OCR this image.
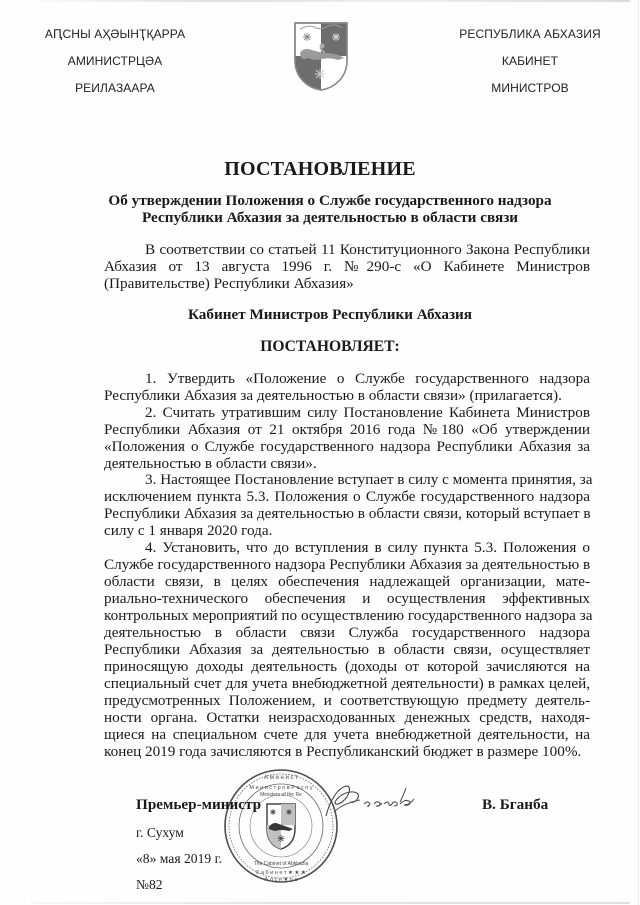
АԤСНЫ АҲӘЫНҬҚАРРА
АМИНИСТРЦӘА
РЕИЛАЗААРА
РЕСПУБЛИКА АБХАЗИЯ
КАБИНЕТ
МИНИСТРОВ
ПОСТАНОВЛЕНИЕ
Об утверждении Положения о Службе государственного надзора
Республики Абхазия за деятельностью в области связи
В соответствии со статьей 11 Конституционного Закона Республики
Абхазия от 13 августа 1996 г. №290-с «О Кабинете Министров
(Правительстве) Республики Абхазия»
Кабинет Министров Республики Абхазия
ПОСТАНОВЛЯЕТ:
1. Утвердить «Положение о Службе государственного надзора
Республики Абхазия за деятельностью в области связи» (прилагается).
2. Считать утратившим силу Постановление Кабинета Министров
Республики Абхазия от 21 октября 2016 года №180 «Об утверждении
«Положения о Службе государственного надзора Республики Абхазия за
деятельностью в области связи».
3. Настоящее Постановление вступает в силу с момента принятия, за
исключением пункта 5.3. Положения о Службе государственного надзора
Республики Абхазия за деятельностью в области связи, который вступает в
силу с 1 января 2020 года.
4. Установить, что до вступления в силу пункта 5.3. Положения о
Службе государственного надзора Республики Абхазия за деятельностью в
области связи, в целях обеспечения надлежащей организации, мате-
риально-технического обеспечения и осуществления эффективных
контрольных мероприятий по осуществлению государственного надзора за
деятельностью в области связи Служба государственного надзора
Республики Абхазия за деятельностью в области связи, осуществляет
приносящую доходы деятельность (доходы от которой зачисляются на
специальный счет для учета внебюджетной деятельности) в рамках целей,
предусмотренных Положением, и соответствующую предмету деятель-
ности органа. Остатки неизрасходованных денежных средств, находя-
щиеся на специальном счете для учета внебюджетной деятельности, на
конец 2019 года зачисляются в Республиканский бюджет в размере 100%.
А м и н и с т
М и н и с т р о в Р е с п у
Ministers of the Re
The Cabinet of Abkhazia
К а б и н е т ★ ★ ★
А л с н ★ р а
Премьер-министр	В. Бганба
г. Сухум
«8» мая 2019 г.
№82
